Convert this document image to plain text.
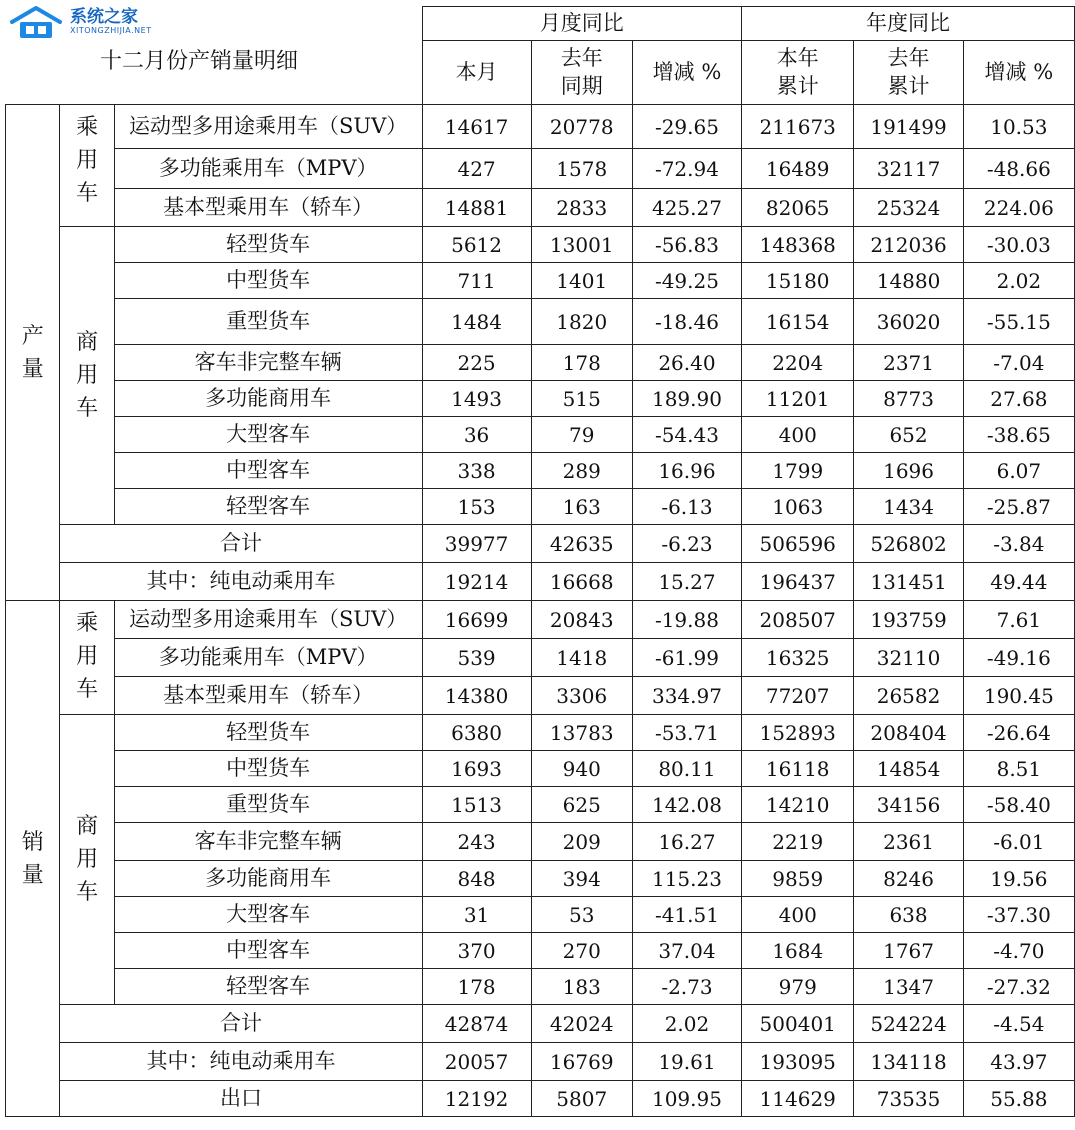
系统之家
XITONGZHIJIA.NET
			月度同比			年度同比		
			本月	去年同期	增减 %	本年累计	去年累计	增减 %
产量	乘用车	运动型多用途乘用车（SUV）	14617	20778	-29.65	211673	191499	10.53
		多功能乘用车（MPV）	427	1578	-72.94	16489	32117	-48.66
		基本型乘用车（轿车）	14881	2833	425.27	82065	25324	224.06
	商用车	轻型货车	5612	13001	-56.83	148368	212036	-30.03
		中型货车	711	1401	-49.25	15180	14880	2.02
		重型货车	1484	1820	-18.46	16154	36020	-55.15
		客车非完整车辆	225	178	26.40	2204	2371	-7.04
		多功能商用车	1493	515	189.90	11201	8773	27.68
		大型客车	36	79	-54.43	400	652	-38.65
		中型客车	338	289	16.96	1799	1696	6.07
		轻型客车	153	163	-6.13	1063	1434	-25.87
	合计		39977	42635	-6.23	506596	526802	-3.84
	其中：纯电动乘用车		19214	16668	15.27	196437	131451	49.44
销量	乘用车	运动型多用途乘用车（SUV）	16699	20843	-19.88	208507	193759	7.61
		多功能乘用车（MPV）	539	1418	-61.99	16325	32110	-49.16
		基本型乘用车（轿车）	14380	3306	334.97	77207	26582	190.45
	商用车	轻型货车	6380	13783	-53.71	152893	208404	-26.64
		中型货车	1693	940	80.11	16118	14854	8.51
		重型货车	1513	625	142.08	14210	34156	-58.40
		客车非完整车辆	243	209	16.27	2219	2361	-6.01
		多功能商用车	848	394	115.23	9859	8246	19.56
		大型客车	31	53	-41.51	400	638	-37.30
		中型客车	370	270	37.04	1684	1767	-4.70
		轻型客车	178	183	-2.73	979	1347	-27.32
	合计		42874	42024	2.02	500401	524224	-4.54
	其中：纯电动乘用车		20057	16769	19.61	193095	134118	43.97
	出口		12192	5807	109.95	114629	73535	55.88
十二月份产销量明细
